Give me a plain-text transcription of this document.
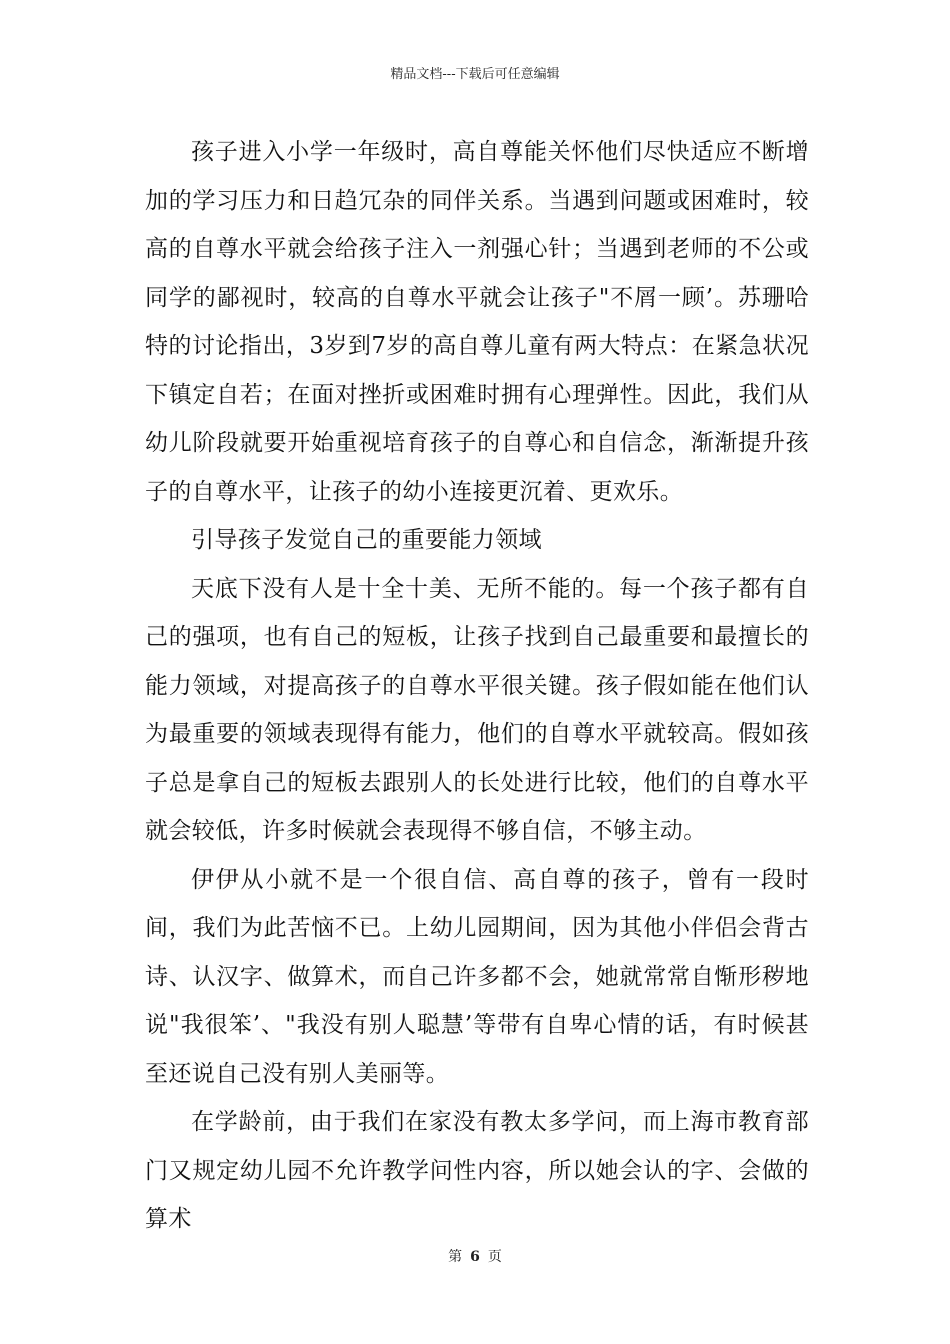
精品文档---下载后可任意编辑

孩子进入小学一年级时，高自尊能关怀他们尽快适应不断增加的学习压力和日趋冗杂的同伴关系。当遇到问题或困难时，较高的自尊水平就会给孩子注入一剂强心针；当遇到老师的不公或同学的鄙视时，较高的自尊水平就会让孩子"不屑一顾’。苏珊哈特的讨论指出，3岁到7岁的高自尊儿童有两大特点：在紧急状况下镇定自若；在面对挫折或困难时拥有心理弹性。因此，我们从幼儿阶段就要开始重视培育孩子的自尊心和自信念，渐渐提升孩子的自尊水平，让孩子的幼小连接更沉着、更欢乐。

引导孩子发觉自己的重要能力领域

天底下没有人是十全十美、无所不能的。每一个孩子都有自己的强项，也有自己的短板，让孩子找到自己最重要和最擅长的能力领域，对提高孩子的自尊水平很关键。孩子假如能在他们认为最重要的领域表现得有能力，他们的自尊水平就较高。假如孩子总是拿自己的短板去跟别人的长处进行比较，他们的自尊水平就会较低，许多时候就会表现得不够自信，不够主动。

伊伊从小就不是一个很自信、高自尊的孩子，曾有一段时间，我们为此苦恼不已。上幼儿园期间，因为其他小伴侣会背古诗、认汉字、做算术，而自己许多都不会，她就常常自惭形秽地说"我很笨’、"我没有别人聪慧’等带有自卑心情的话，有时候甚至还说自己没有别人美丽等。

在学龄前，由于我们在家没有教太多学问，而上海市教育部门又规定幼儿园不允许教学问性内容，所以她会认的字、会做的算术

第 6 页
